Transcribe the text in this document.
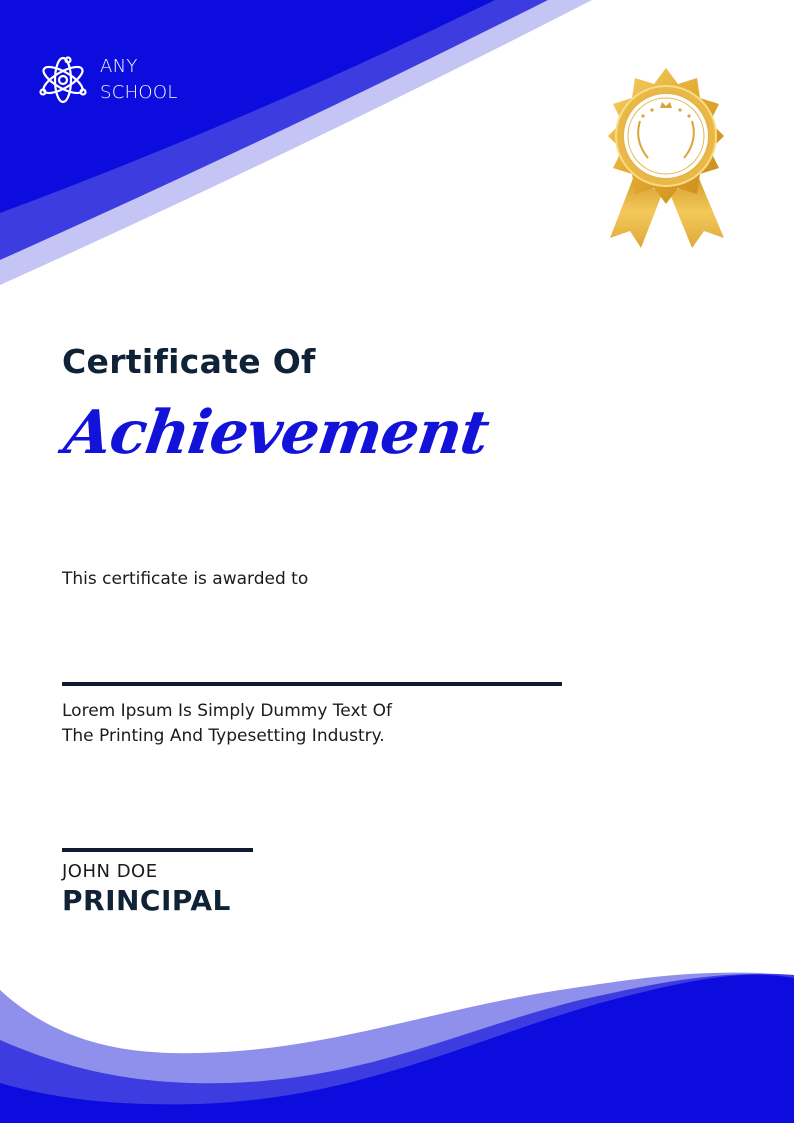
ANY
SCHOOL
Certificate Of
Achievement
This certificate is awarded to
Lorem Ipsum Is Simply Dummy Text Of
The Printing And Typesetting Industry.
JOHN DOE
PRINCIPAL
